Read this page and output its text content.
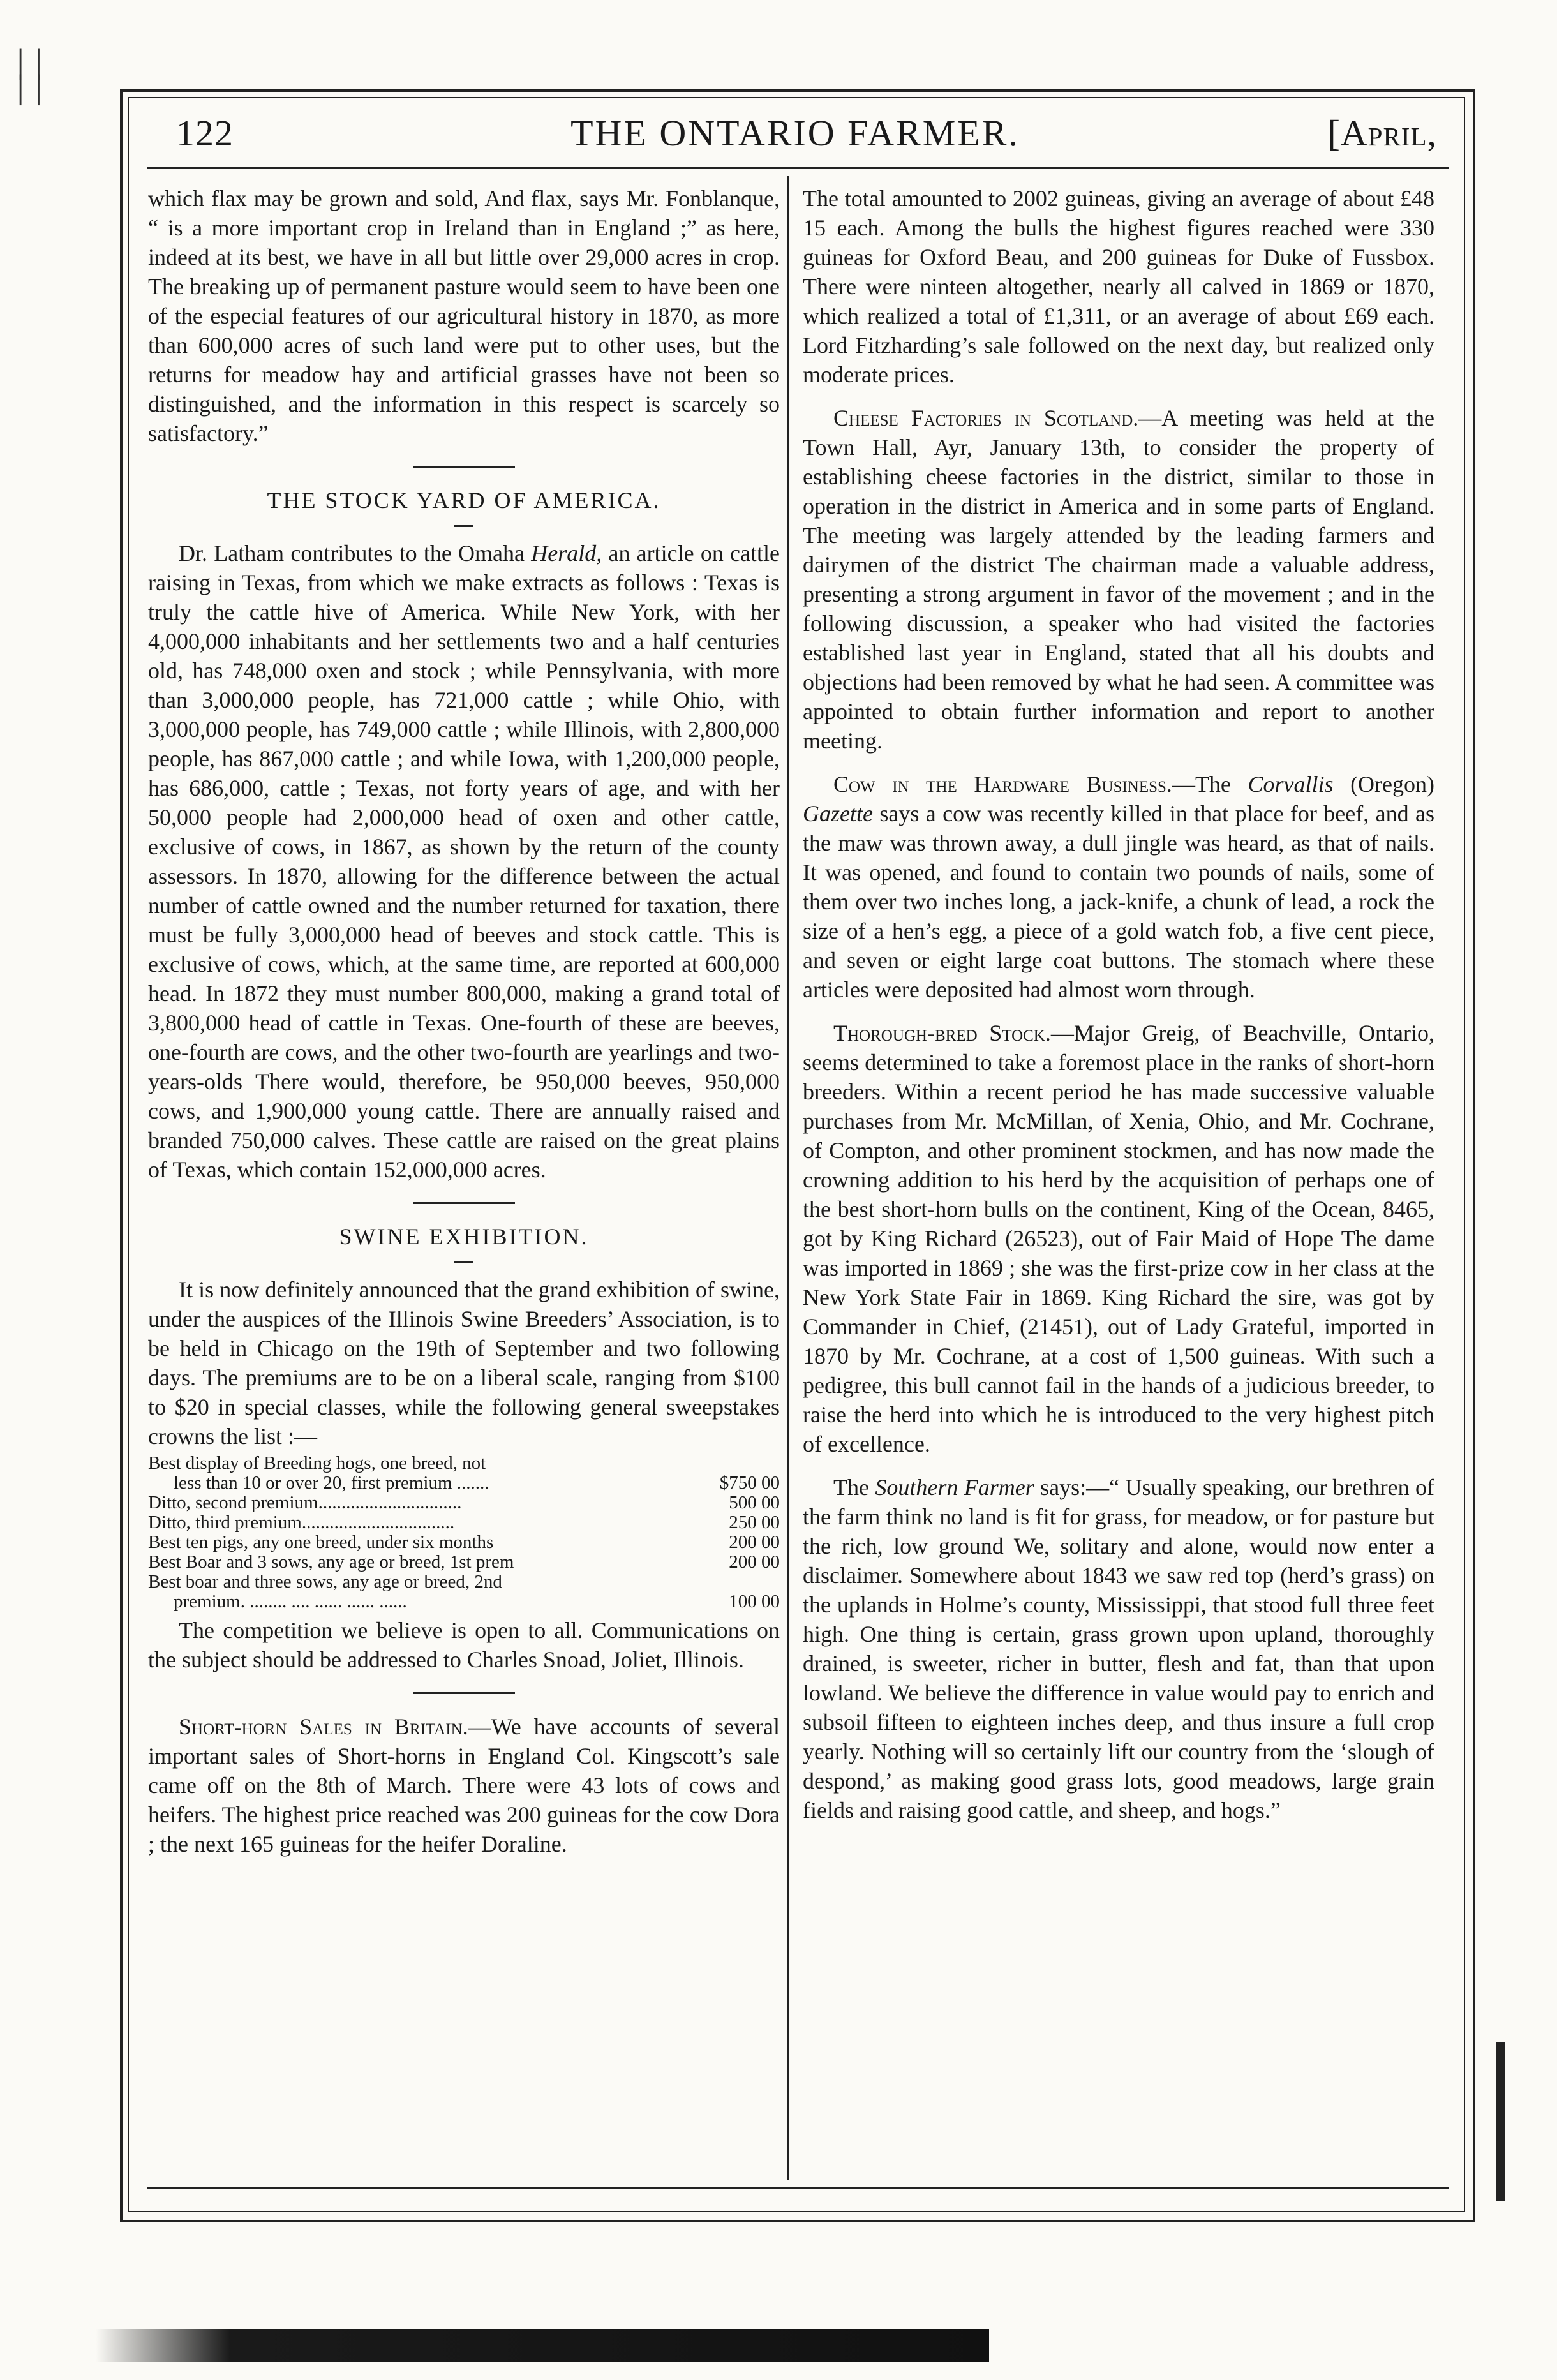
││
││
122	THE ONTARIO FARMER.	[April,

which flax may be grown and sold, And flax, says Mr. Fonblanque, “ is a more important crop in Ireland than in England ;” as here, indeed at its best, we have in all but little over 29,000 acres in crop. The breaking up of permanent pasture would seem to have been one of the especial features of our agricultural history in 1870, as more than 600,000 acres of such land were put to other uses, but the returns for meadow hay and artificial grasses have not been so distinguished, and the information in this respect is scarcely so satisfactory.”

THE STOCK YARD OF AMERICA.

Dr. Latham contributes to the Omaha Herald, an article on cattle raising in Texas, from which we make extracts as follows : Texas is truly the cattle hive of America. While New York, with her 4,000,000 inhabitants and her settlements two and a half centuries old, has 748,000 oxen and stock ; while Pennsylvania, with more than 3,000,000 people, has 721,000 cattle ; while Ohio, with 3,000,000 people, has 749,000 cattle ; while Illinois, with 2,800,000 people, has 867,000 cattle ; and while Iowa, with 1,200,000 people, has 686,000, cattle ; Texas, not forty years of age, and with her 50,000 people had 2,000,000 head of oxen and other cattle, exclusive of cows, in 1867, as shown by the return of the county assessors. In 1870, allowing for the difference between the actual number of cattle owned and the number returned for taxation, there must be fully 3,000,000 head of beeves and stock cattle. This is exclusive of cows, which, at the same time, are reported at 600,000 head. In 1872 they must number 800,000, making a grand total of 3,800,000 head of cattle in Texas. One-fourth of these are beeves, one-fourth are cows, and the other two-fourth are yearlings and two-years-olds There would, therefore, be 950,000 beeves, 950,000 cows, and 1,900,000 young cattle. There are annually raised and branded 750,000 calves. These cattle are raised on the great plains of Texas, which contain 152,000,000 acres.

SWINE EXHIBITION.

It is now definitely announced that the grand exhibition of swine, under the auspices of the Illinois Swine Breeders’ Association, is to be held in Chicago on the 19th of September and two following days. The premiums are to be on a liberal scale, ranging from $100 to $20 in special classes, while the following general sweepstakes crowns the list :—

Best display of Breeding hogs, one breed, not
less than 10 or over 20, first premium .......	$750 00
Ditto, second premium...............................	500 00
Ditto, third premium.................................	250 00
Best ten pigs, any one breed, under six months	200 00
Best Boar and 3 sows, any age or breed, 1st prem	200 00
Best boar and three sows, any age or breed, 2nd
premium. ........ .... ...... ...... ......	100 00

The competition we believe is open to all. Communications on the subject should be addressed to Charles Snoad, Joliet, Illinois.

Short-horn Sales in Britain.—We have accounts of several important sales of Short-horns in England Col. Kingscott’s sale came off on the 8th of March. There were 43 lots of cows and heifers. The highest price reached was 200 guineas for the cow Dora ; the next 165 guineas for the heifer Doraline.

The total amounted to 2002 guineas, giving an average of about £48 15 each. Among the bulls the highest figures reached were 330 guineas for Oxford Beau, and 200 guineas for Duke of Fussbox. There were ninteen altogether, nearly all calved in 1869 or 1870, which realized a total of £1,311, or an average of about £69 each. Lord Fitzharding’s sale followed on the next day, but realized only moderate prices.

Cheese Factories in Scotland.—A meeting was held at the Town Hall, Ayr, January 13th, to consider the property of establishing cheese factories in the district, similar to those in operation in the district in America and in some parts of England. The meeting was largely attended by the leading farmers and dairymen of the district The chairman made a valuable address, presenting a strong argument in favor of the movement ; and in the following discussion, a speaker who had visited the factories established last year in England, stated that all his doubts and objections had been removed by what he had seen. A committee was appointed to obtain further information and report to another meeting.

Cow in the Hardware Business.—The Corvallis (Oregon) Gazette says a cow was recently killed in that place for beef, and as the maw was thrown away, a dull jingle was heard, as that of nails. It was opened, and found to contain two pounds of nails, some of them over two inches long, a jack-knife, a chunk of lead, a rock the size of a hen’s egg, a piece of a gold watch fob, a five cent piece, and seven or eight large coat buttons. The stomach where these articles were deposited had almost worn through.

Thorough-bred Stock.—Major Greig, of Beachville, Ontario, seems determined to take a foremost place in the ranks of short-horn breeders. Within a recent period he has made successive valuable purchases from Mr. McMillan, of Xenia, Ohio, and Mr. Cochrane, of Compton, and other prominent stockmen, and has now made the crowning addition to his herd by the acquisition of perhaps one of the best short-horn bulls on the continent, King of the Ocean, 8465, got by King Richard (26523), out of Fair Maid of Hope The dame was imported in 1869 ; she was the first-prize cow in her class at the New York State Fair in 1869. King Richard the sire, was got by Commander in Chief, (21451), out of Lady Grateful, imported in 1870 by Mr. Cochrane, at a cost of 1,500 guineas. With such a pedigree, this bull cannot fail in the hands of a judicious breeder, to raise the herd into which he is introduced to the very highest pitch of excellence.

The Southern Farmer says:—“ Usually speaking, our brethren of the farm think no land is fit for grass, for meadow, or for pasture but the rich, low ground We, solitary and alone, would now enter a disclaimer. Somewhere about 1843 we saw red top (herd’s grass) on the uplands in Holme’s county, Mississippi, that stood full three feet high. One thing is certain, grass grown upon upland, thoroughly drained, is sweeter, richer in butter, flesh and fat, than that upon lowland. We believe the difference in value would pay to enrich and subsoil fifteen to eighteen inches deep, and thus insure a full crop yearly. Nothing will so certainly lift our country from the ‘slough of despond,’ as making good grass lots, good meadows, large grain fields and raising good cattle, and sheep, and hogs.”
